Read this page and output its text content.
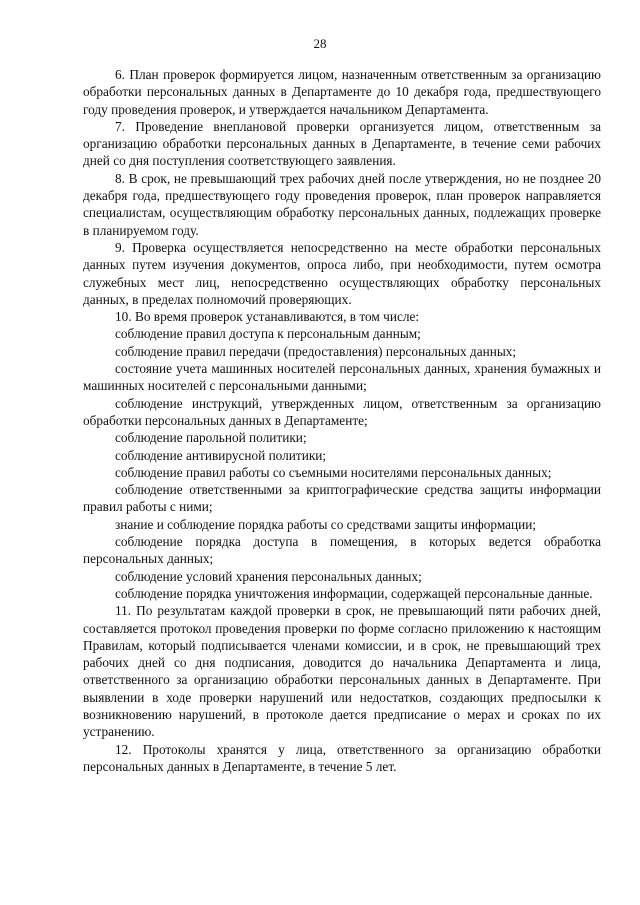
28

6. План проверок формируется лицом, назначенным ответственным за организацию обработки персональных данных в Департаменте до 10 декабря года, предшествующего году проведения проверок, и утверждается начальником Департамента.

7. Проведение внеплановой проверки организуется лицом, ответственным за организацию обработки персональных данных в Департаменте, в течение семи рабочих дней со дня поступления соответствующего заявления.

8. В срок, не превышающий трех рабочих дней после утверждения, но не позднее 20 декабря года, предшествующего году проведения проверок, план проверок направляется специалистам, осуществляющим обработку персональных данных, подлежащих проверке в планируемом году.

9. Проверка осуществляется непосредственно на месте обработки персональных данных путем изучения документов, опроса либо, при необходимости, путем осмотра служебных мест лиц, непосредственно осуществляющих обработку персональных данных, в пределах полномочий проверяющих.

10. Во время проверок устанавливаются, в том числе:

соблюдение правил доступа к персональным данным;

соблюдение правил передачи (предоставления) персональных данных;

состояние учета машинных носителей персональных данных, хранения бумажных и машинных носителей с персональными данными;

соблюдение инструкций, утвержденных лицом, ответственным за организацию обработки персональных данных в Департаменте;

соблюдение парольной политики;

соблюдение антивирусной политики;

соблюдение правил работы со съемными носителями персональных данных;

соблюдение ответственными за криптографические средства защиты информации правил работы с ними;

знание и соблюдение порядка работы со средствами защиты информации;

соблюдение порядка доступа в помещения, в которых ведется обработка персональных данных;

соблюдение условий хранения персональных данных;

соблюдение порядка уничтожения информации, содержащей персональные данные.

11. По результатам каждой проверки в срок, не превышающий пяти рабочих дней, составляется протокол проведения проверки по форме согласно приложению к настоящим Правилам, который подписывается членами комиссии, и в срок, не превышающий трех рабочих дней со дня подписания, доводится до начальника Департамента и лица, ответственного за организацию обработки персональных данных в Департаменте. При выявлении в ходе проверки нарушений или недостатков, создающих предпосылки к возникновению нарушений, в протоколе дается предписание о мерах и сроках по их устранению.

12. Протоколы хранятся у лица, ответственного за организацию обработки персональных данных в Департаменте, в течение 5 лет.
